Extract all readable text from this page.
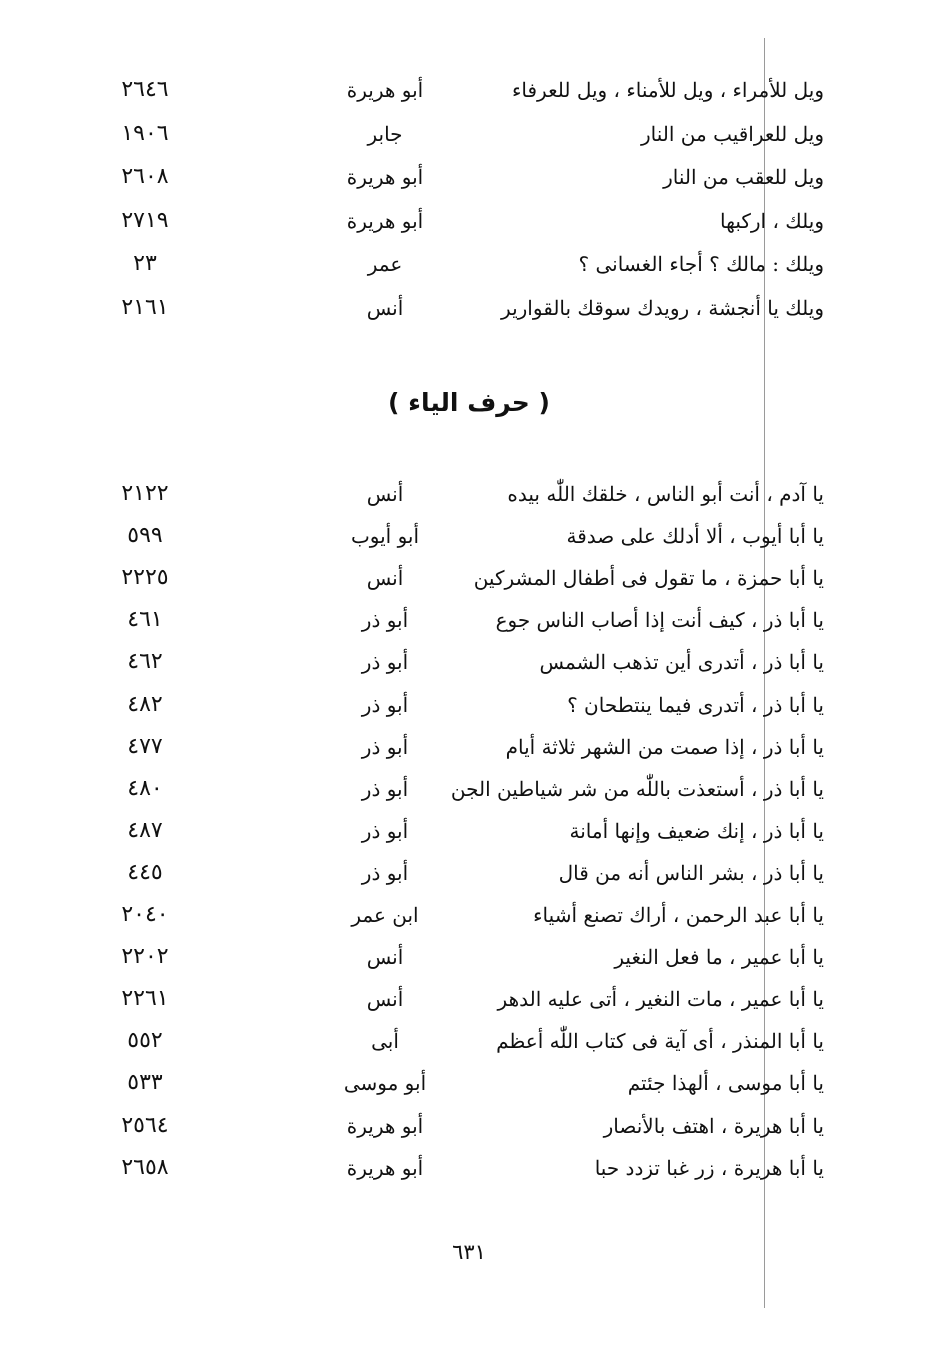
ويل للأمراء ، ويل للأمناء ، ويل للعرفاء
أبو هريرة
٢٦٤٦
ويل للعراقيب من النار
جابر
١٩٠٦
ويل للعقب من النار
أبو هريرة
٢٦٠٨
ويلك ، اركبها
أبو هريرة
٢٧١٩
ويلك : مالك ؟ أجاء الغسانى ؟
عمر
٢٣
ويلك يا أنجشة ، رويدك سوقك بالقوارير
أنس
٢١٦١
( حرف الياء )
يا آدم ، أنت أبو الناس ، خلقك اللّٰه بيده
أنس
٢١٢٢
يا أبا أيوب ، ألا أدلك على صدقة
أبو أيوب
٥٩٩
يا أبا حمزة ، ما تقول فى أطفال المشركين
أنس
٢٢٢٥
يا أبا ذر ، كيف أنت إذا أصاب الناس جوع
أبو ذر
٤٦١
يا أبا ذر ، أتدرى أين تذهب الشمس
أبو ذر
٤٦٢
يا أبا ذر ، أتدرى فيما ينتطحان ؟
أبو ذر
٤٨٢
يا أبا ذر ، إذا صمت من الشهر ثلاثة أيام
أبو ذر
٤٧٧
يا أبا ذر ، أستعذت باللّٰه من شر شياطين الجن
أبو ذر
٤٨٠
يا أبا ذر ، إنك ضعيف وإنها أمانة
أبو ذر
٤٨٧
يا أبا ذر ، بشر الناس أنه من قال
أبو ذر
٤٤٥
يا أبا عبد الرحمن ، أراك تصنع أشياء
ابن عمر
٢٠٤٠
يا أبا عمير ، ما فعل النغير
أنس
٢٢٠٢
يا أبا عمير ، مات النغير ، أتى عليه الدهر
أنس
٢٢٦١
يا أبا المنذر ، أى آية فى كتاب اللّٰه أعظم
أبى
٥٥٢
يا أبا موسى ، ألهذا جئتم
أبو موسى
٥٣٣
يا أبا هريرة ، اهتف بالأنصار
أبو هريرة
٢٥٦٤
يا أبا هريرة ، زر غبا تزدد حبا
أبو هريرة
٢٦٥٨
٦٣١
